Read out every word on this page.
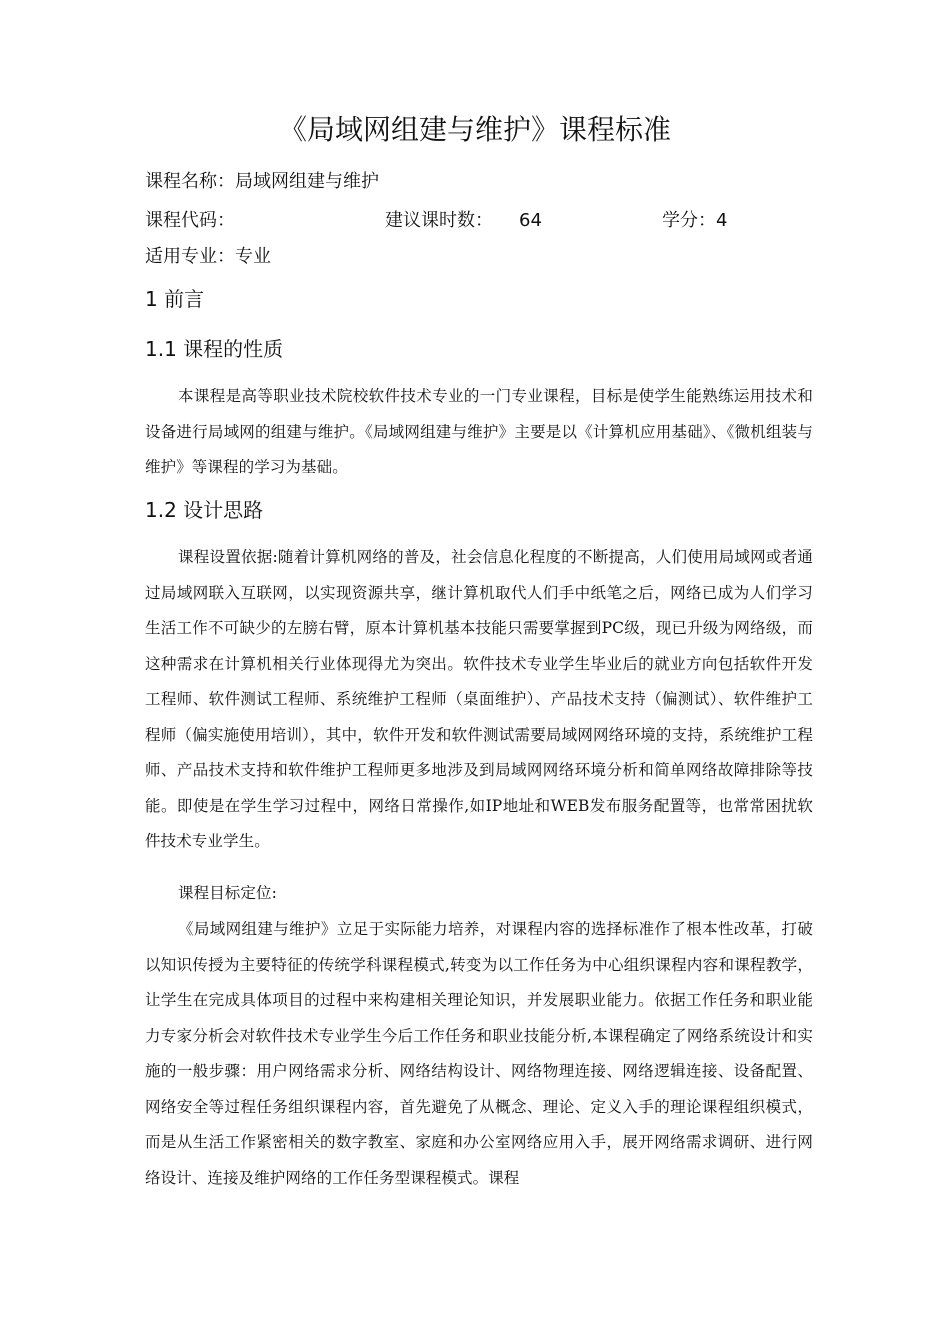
《局域网组建与维护》课程标准
课程名称：局域网组建与维护
课程代码：	建议课时数： 64	学分：4
适用专业：专业
1 前言
1.1 课程的性质
本课程是高等职业技术院校软件技术专业的一门专业课程，目标是使学生能熟练运用技术和设备进行局域网的组建与维护。《局域网组建与维护》主要是以《计算机应用基础》、《微机组装与维护》等课程的学习为基础。
1.2 设计思路
课程设置依据:随着计算机网络的普及，社会信息化程度的不断提高，人们使用局域网或者通过局域网联入互联网，以实现资源共享，继计算机取代人们手中纸笔之后，网络已成为人们学习生活工作不可缺少的左膀右臂，原本计算机基本技能只需要掌握到PC级，现已升级为网络级，而这种需求在计算机相关行业体现得尤为突出。软件技术专业学生毕业后的就业方向包括软件开发工程师、软件测试工程师、系统维护工程师（桌面维护）、产品技术支持（偏测试）、软件维护工程师（偏实施使用培训），其中，软件开发和软件测试需要局域网网络环境的支持，系统维护工程师、产品技术支持和软件维护工程师更多地涉及到局域网网络环境分析和简单网络故障排除等技能。即使是在学生学习过程中，网络日常操作,如IP地址和WEB发布服务配置等，也常常困扰软件技术专业学生。
课程目标定位:
《局域网组建与维护》立足于实际能力培养，对课程内容的选择标准作了根本性改革，打破以知识传授为主要特征的传统学科课程模式,转变为以工作任务为中心组织课程内容和课程教学，让学生在完成具体项目的过程中来构建相关理论知识，并发展职业能力。依据工作任务和职业能力专家分析会对软件技术专业学生今后工作任务和职业技能分析,本课程确定了网络系统设计和实施的一般步骤：用户网络需求分析、网络结构设计、网络物理连接、网络逻辑连接、设备配置、网络安全等过程任务组织课程内容，首先避免了从概念、理论、定义入手的理论课程组织模式，而是从生活工作紧密相关的数字教室、家庭和办公室网络应用入手，展开网络需求调研、进行网络设计、连接及维护网络的工作任务型课程模式。课程
